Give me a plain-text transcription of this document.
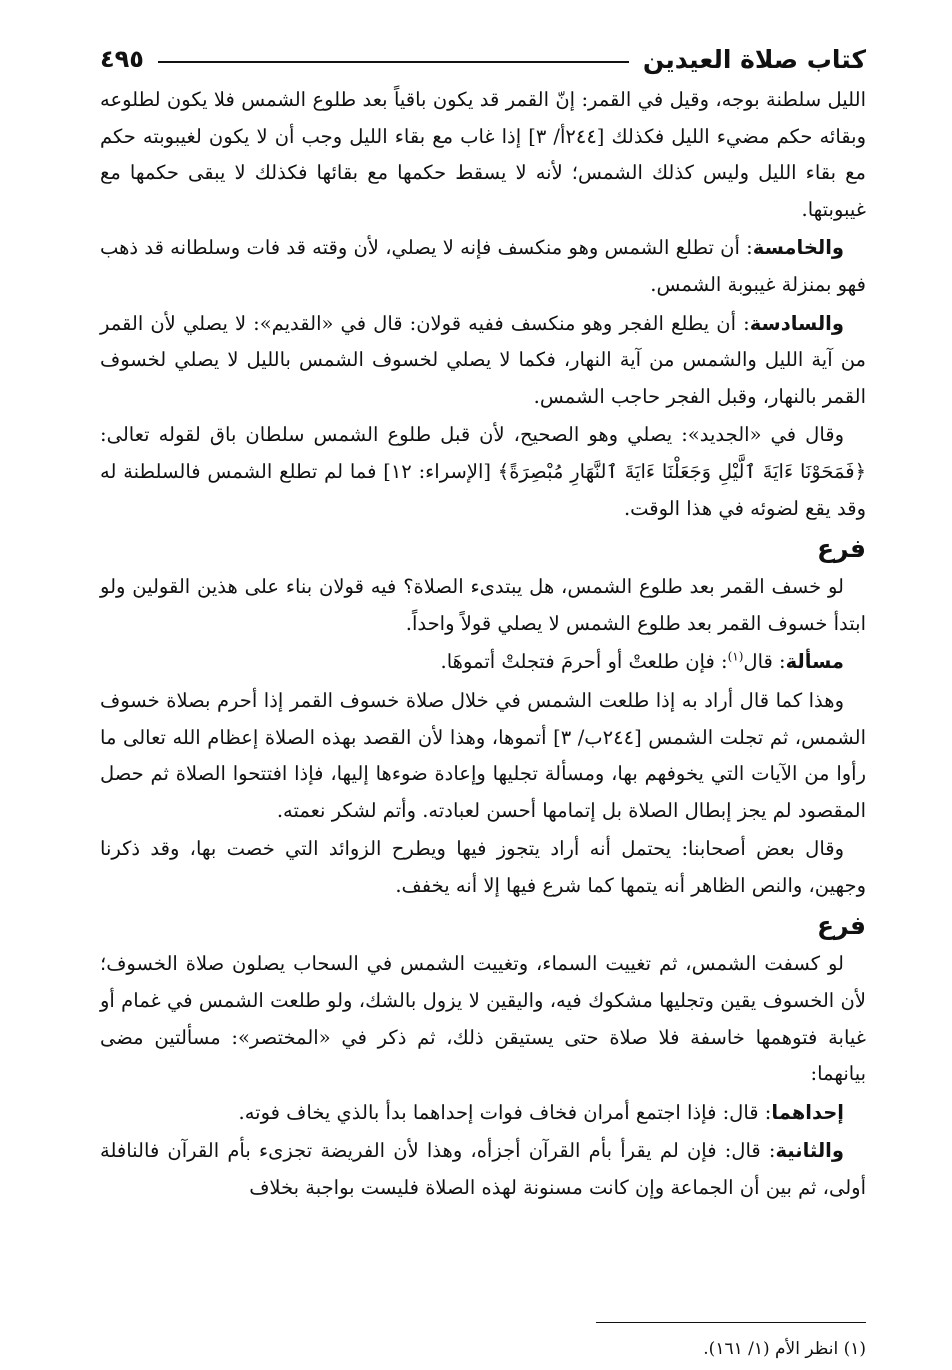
كتاب صلاة العيدين
٤٩٥

الليل سلطنة بوجه، وقيل في القمر: إنّ القمر قد يكون باقياً بعد طلوع الشمس فلا يكون لطلوعه وبقائه حكم مضيء الليل فكذلك [٢٤٤أ/ ٣] إذا غاب مع بقاء الليل وجب أن لا يكون لغيبوبته حكم مع بقاء الليل وليس كذلك الشمس؛ لأنه لا يسقط حكمها مع بقائها فكذلك لا يبقى حكمها مع غيبوبتها.

والخامسة: أن تطلع الشمس وهو منكسف فإنه لا يصلي، لأن وقته قد فات وسلطانه قد ذهب فهو بمنزلة غيبوبة الشمس.

والسادسة: أن يطلع الفجر وهو منكسف ففيه قولان: قال في «القديم»: لا يصلي لأن القمر من آية الليل والشمس من آية النهار، فكما لا يصلي لخسوف الشمس بالليل لا يصلي لخسوف القمر بالنهار، وقبل الفجر حاجب الشمس.

وقال في «الجديد»: يصلي وهو الصحيح، لأن قبل طلوع الشمس سلطان باق لقوله تعالى: ﴿فَمَحَوْنَا ءَايَةَ ٱلَّيْلِ وَجَعَلْنَا ءَايَةَ ٱلنَّهَارِ مُبْصِرَةً﴾ [الإسراء: ١٢] فما لم تطلع الشمس فالسلطنة له وقد يقع لضوئه في هذا الوقت.

فرع

لو خسف القمر بعد طلوع الشمس، هل يبتدىء الصلاة؟ فيه قولان بناء على هذين القولين ولو ابتدأ خسوف القمر بعد طلوع الشمس لا يصلي قولاً واحداً.

مسألة: قال$^{(١)}$: فإن طلعتْ أو أحرمَ فتجلتْ أتموهَا.

وهذا كما قال أراد به إذا طلعت الشمس في خلال صلاة خسوف القمر إذا أحرم بصلاة خسوف الشمس، ثم تجلت الشمس [٢٤٤ب/ ٣] أتموها، وهذا لأن القصد بهذه الصلاة إعظام الله تعالى ما رأوا من الآيات التي يخوفهم بها، ومسألة تجليها وإعادة ضوءها إليها، فإذا افتتحوا الصلاة ثم حصل المقصود لم يجز إبطال الصلاة بل إتمامها أحسن لعبادته. وأتم لشكر نعمته.

وقال بعض أصحابنا: يحتمل أنه أراد يتجوز فيها ويطرح الزوائد التي خصت بها، وقد ذكرنا وجهين، والنص الظاهر أنه يتمها كما شرع فيها إلا أنه يخفف.

فرع

لو كسفت الشمس، ثم تغييت السماء، وتغييت الشمس في السحاب يصلون صلاة الخسوف؛ لأن الخسوف يقين وتجليها مشكوك فيه، واليقين لا يزول بالشك، ولو طلعت الشمس في غمام أو غيابة فتوهمها خاسفة فلا صلاة حتى يستيقن ذلك، ثم ذكر في «المختصر»: مسألتين مضى بيانهما:

إحداهما: قال: فإذا اجتمع أمران فخاف فوات إحداهما بدأ بالذي يخاف فوته.

والثانية: قال: فإن لم يقرأ بأم القرآن أجزأه، وهذا لأن الفريضة تجزىء بأم القرآن فالنافلة أولى، ثم بين أن الجماعة وإن كانت مسنونة لهذه الصلاة فليست بواجبة بخلاف

(١) انظر الأم (١/ ١٦١).
